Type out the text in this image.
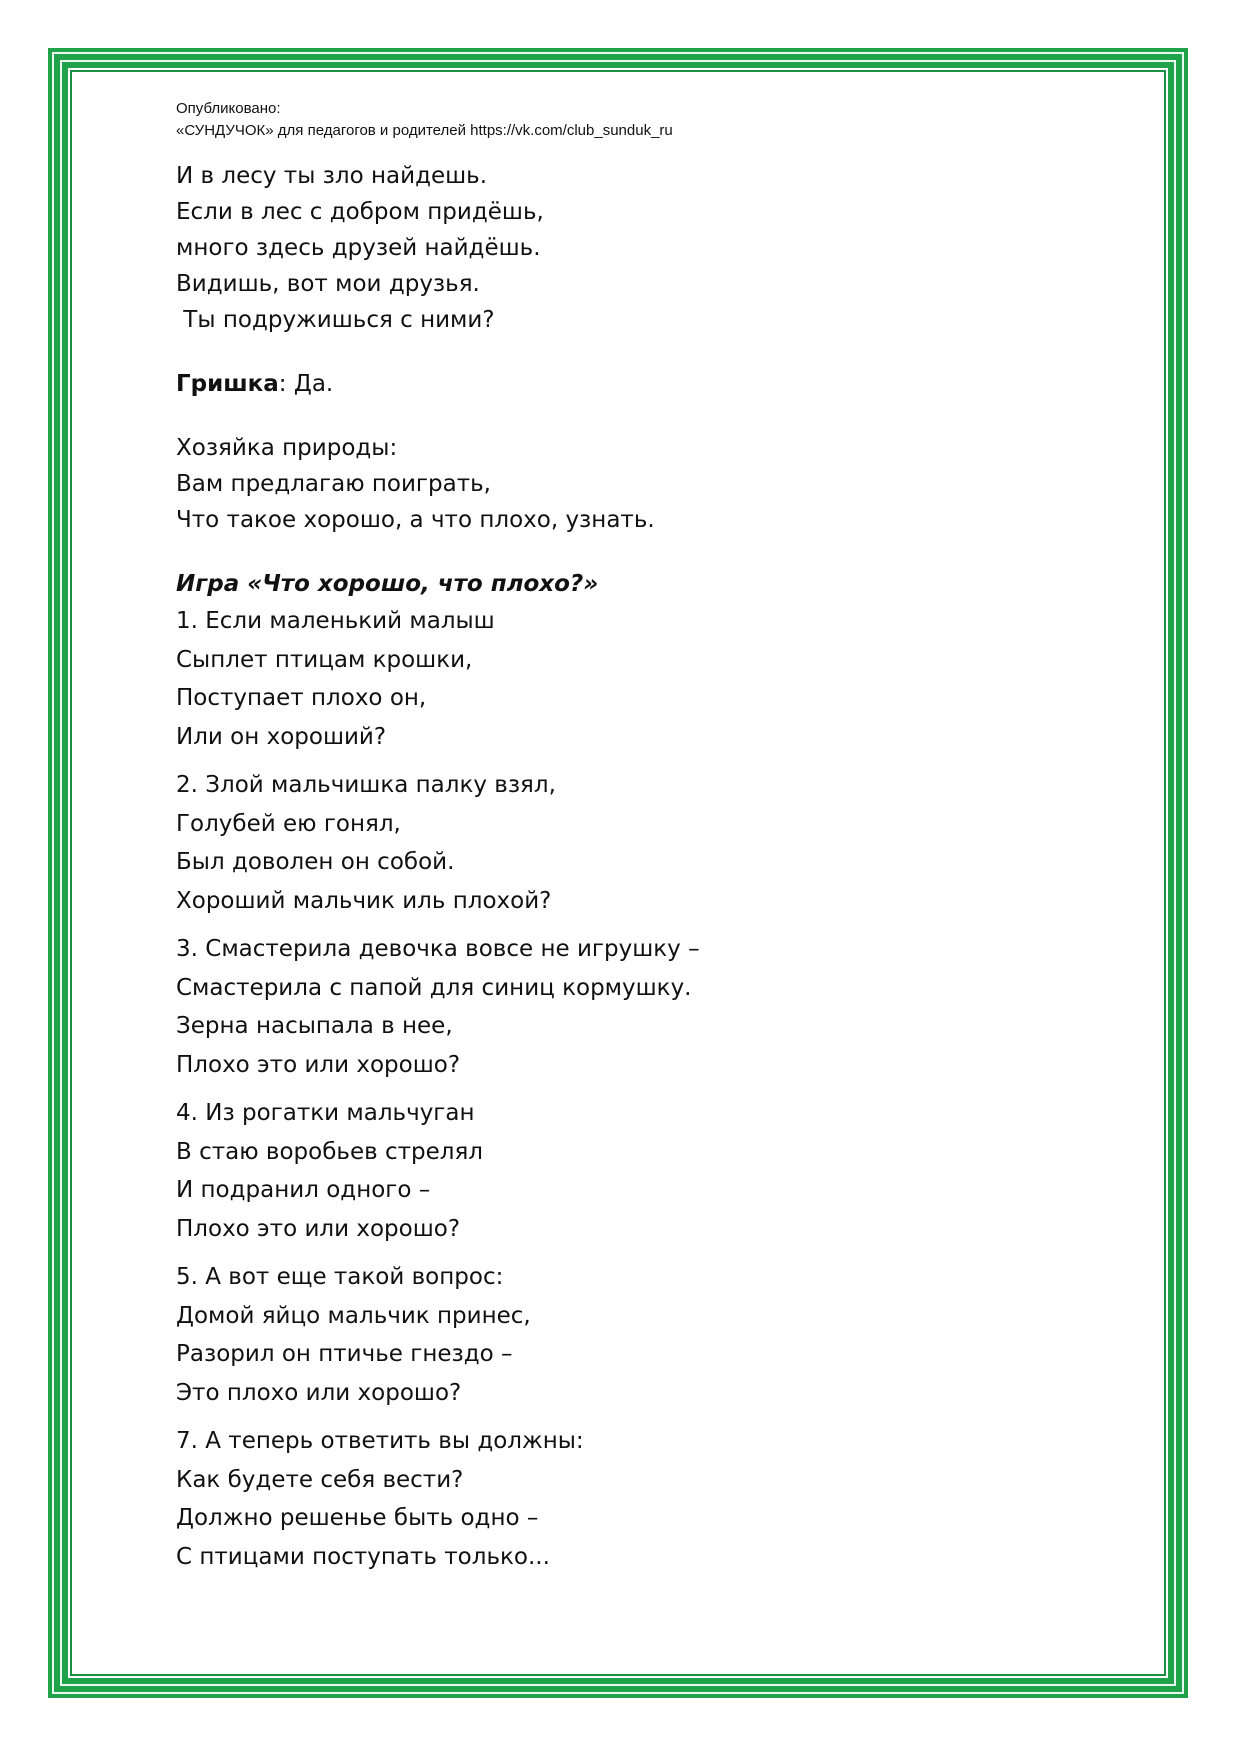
Опубликовано:
«СУНДУЧОК» для педагогов и родителей https://vk.com/club_sunduk_ru
И в лесу ты зло найдешь.
Если в лес с добром придёшь,
много здесь друзей найдёшь.
Видишь, вот мои друзья.
Ты подружишься с ними?
Гришка: Да.
Хозяйка природы:
Вам предлагаю поиграть,
Что такое хорошо, а что плохо, узнать.
Игра «Что хорошо, что плохо?»
1. Если маленький малыш
Сыплет птицам крошки,
Поступает плохо он,
Или он хороший?
2. Злой мальчишка палку взял,
Голубей ею гонял,
Был доволен он собой.
Хороший мальчик иль плохой?
3. Смастерила девочка вовсе не игрушку –
Смастерила с папой для синиц кормушку.
Зерна насыпала в нее,
Плохо это или хорошо?
4. Из рогатки мальчуган
В стаю воробьев стрелял
И подранил одного –
Плохо это или хорошо?
5. А вот еще такой вопрос:
Домой яйцо мальчик принес,
Разорил он птичье гнездо –
Это плохо или хорошо?
7. А теперь ответить вы должны:
Как будете себя вести?
Должно решенье быть одно –
С птицами поступать только...
